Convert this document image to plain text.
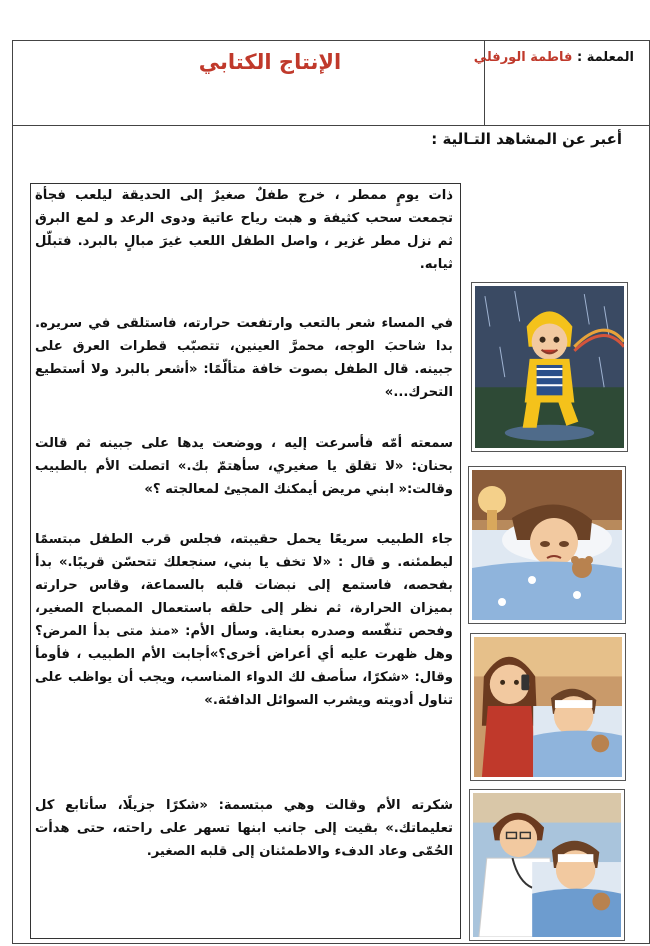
المعلمة : فاطمة الورفلي
الإنتاج الكتابي
أعبر عن المشاهد التـالية :
ذات يومٍ ممطر ، خرج طفلٌ صغيرٌ إلى الحديقة ليلعب فجأة تجمعت سحب كثيفة و هبت رياح عاتية ودوى الرعد و لمع البرق ثم نزل مطر غزير ، واصل الطفل اللعب غيرَ مبالٍ بالبرد. فتبلّل ثيابه.
في المساء شعر بالتعب وارتفعت حرارته، فاستلقى في سريره. بدا شاحبَ الوجه، محمرَّ العينين، تتصبّب قطرات العرق على جبينه. قال الطفل بصوت خافة متألّمًا: «أشعر بالبرد ولا أستطيع التحرك...»
سمعته أمّه فأسرعت إليه ، ووضعت يدها على جبينه ثم قالت بحنان: «لا تقلق يا صغيري، سأهتمّ بك.» اتصلت الأم بالطبيب وقالت:« ابني مريض أيمكنك المجيئ لمعالجته ؟»
جاء الطبيب سريعًا يحمل حقيبته، فجلس قرب الطفل مبتسمًا ليطمئنه. و قال : «لا تخف يا بني، سنجعلك تتحسّن قريبًا.» بدأ بفحصه، فاستمع إلى نبضات قلبه بالسماعة، وقاس حرارته بميزان الحرارة، ثم نظر إلى حلقه باستعمال المصباح الصغير، وفحص تنفّسه وصدره بعناية. وسأل الأم: «منذ متى بدأ المرض؟ وهل ظهرت عليه أي أعراض أخرى؟»أجابت الأم الطبيب ، فأومأ وقال: «شكرًا، سأصف لك الدواء المناسب، ويجب أن يواظب على تناول أدويته ويشرب السوائل الدافئة.»
شكرته الأم وقالت وهي مبتسمة: «شكرًا جزيلًا، سأتابع كل تعليماتك.» بقيت إلى جانب ابنها تسهر على راحته، حتى هدأت الحُمّى وعاد الدفء والاطمئنان إلى قلبه الصغير.
